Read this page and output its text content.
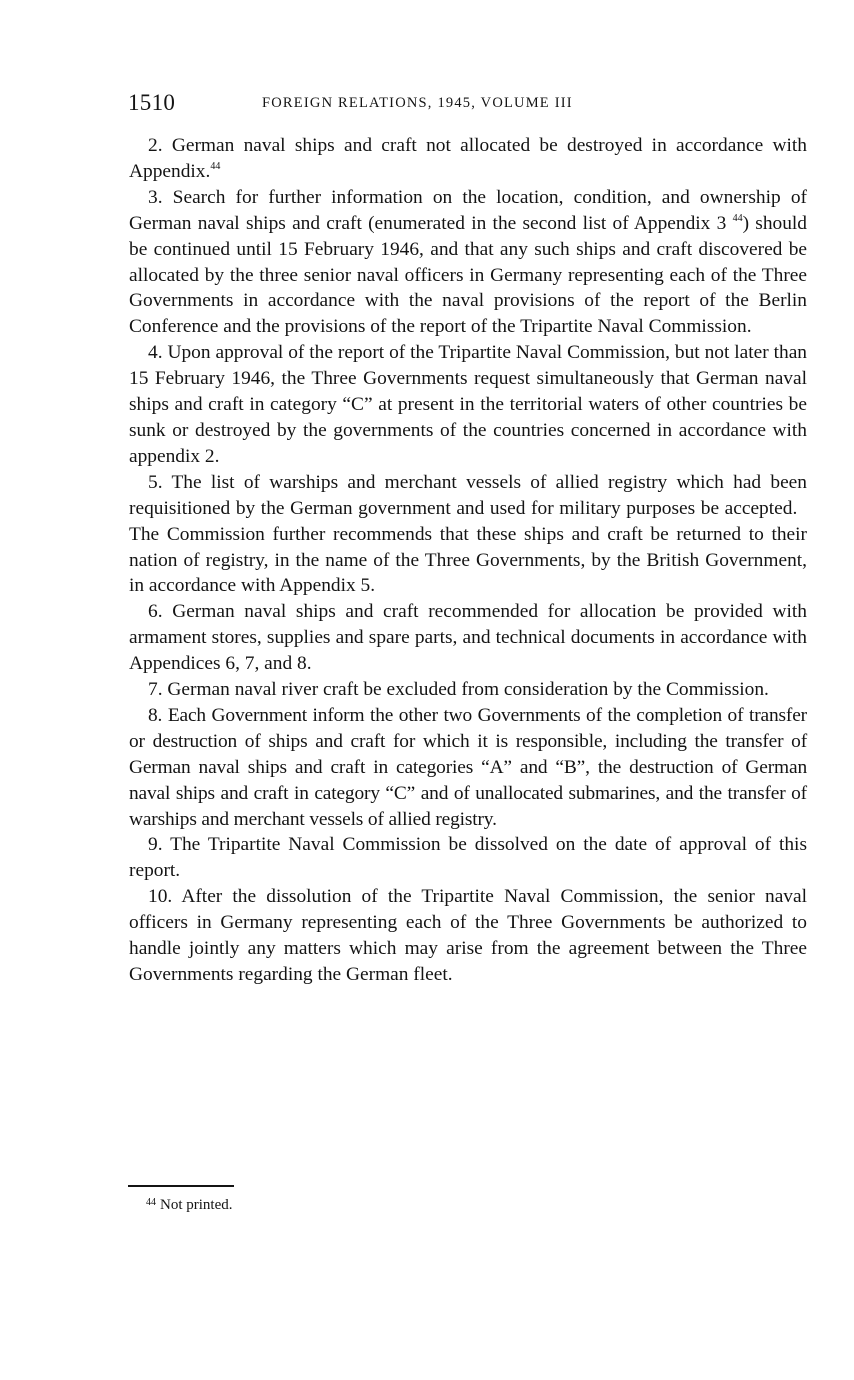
1510	FOREIGN RELATIONS, 1945, VOLUME III

2. German naval ships and craft not allocated be destroyed in accordance with Appendix.$^{44}$

3. Search for further information on the location, condition, and ownership of German naval ships and craft (enumerated in the second list of Appendix 3 $^{44}$) should be continued until 15 February 1946, and that any such ships and craft discovered be allocated by the three senior naval officers in Germany representing each of the Three Governments in accordance with the naval provisions of the report of the Berlin Conference and the provisions of the report of the Tripartite Naval Commission.

4. Upon approval of the report of the Tripartite Naval Commission, but not later than 15 February 1946, the Three Governments request simultaneously that German naval ships and craft in category “C” at present in the territorial waters of other countries be sunk or destroyed by the governments of the countries concerned in accordance with appendix 2.

5. The list of warships and merchant vessels of allied registry which had been requisitioned by the German government and used for military purposes be accepted.  The Commission further recommends that these ships and craft be returned to their nation of registry, in the name of the Three Governments, by the British Government, in accordance with Appendix 5.

6. German naval ships and craft recommended for allocation be provided with armament stores, supplies and spare parts, and technical documents in accordance with Appendices 6, 7, and 8.

7. German naval river craft be excluded from consideration by the Commission.

8. Each Government inform the other two Governments of the completion of transfer or destruction of ships and craft for which it is responsible, including the transfer of German naval ships and craft in categories “A” and “B”, the destruction of German naval ships and craft in category “C” and of unallocated submarines, and the transfer of warships and merchant vessels of allied registry.

9. The Tripartite Naval Commission be dissolved on the date of approval of this report.

10. After the dissolution of the Tripartite Naval Commission, the senior naval officers in Germany representing each of the Three Governments be authorized to handle jointly any matters which may arise from the agreement between the Three Governments regarding the German fleet.

$^{44}$ Not printed.
